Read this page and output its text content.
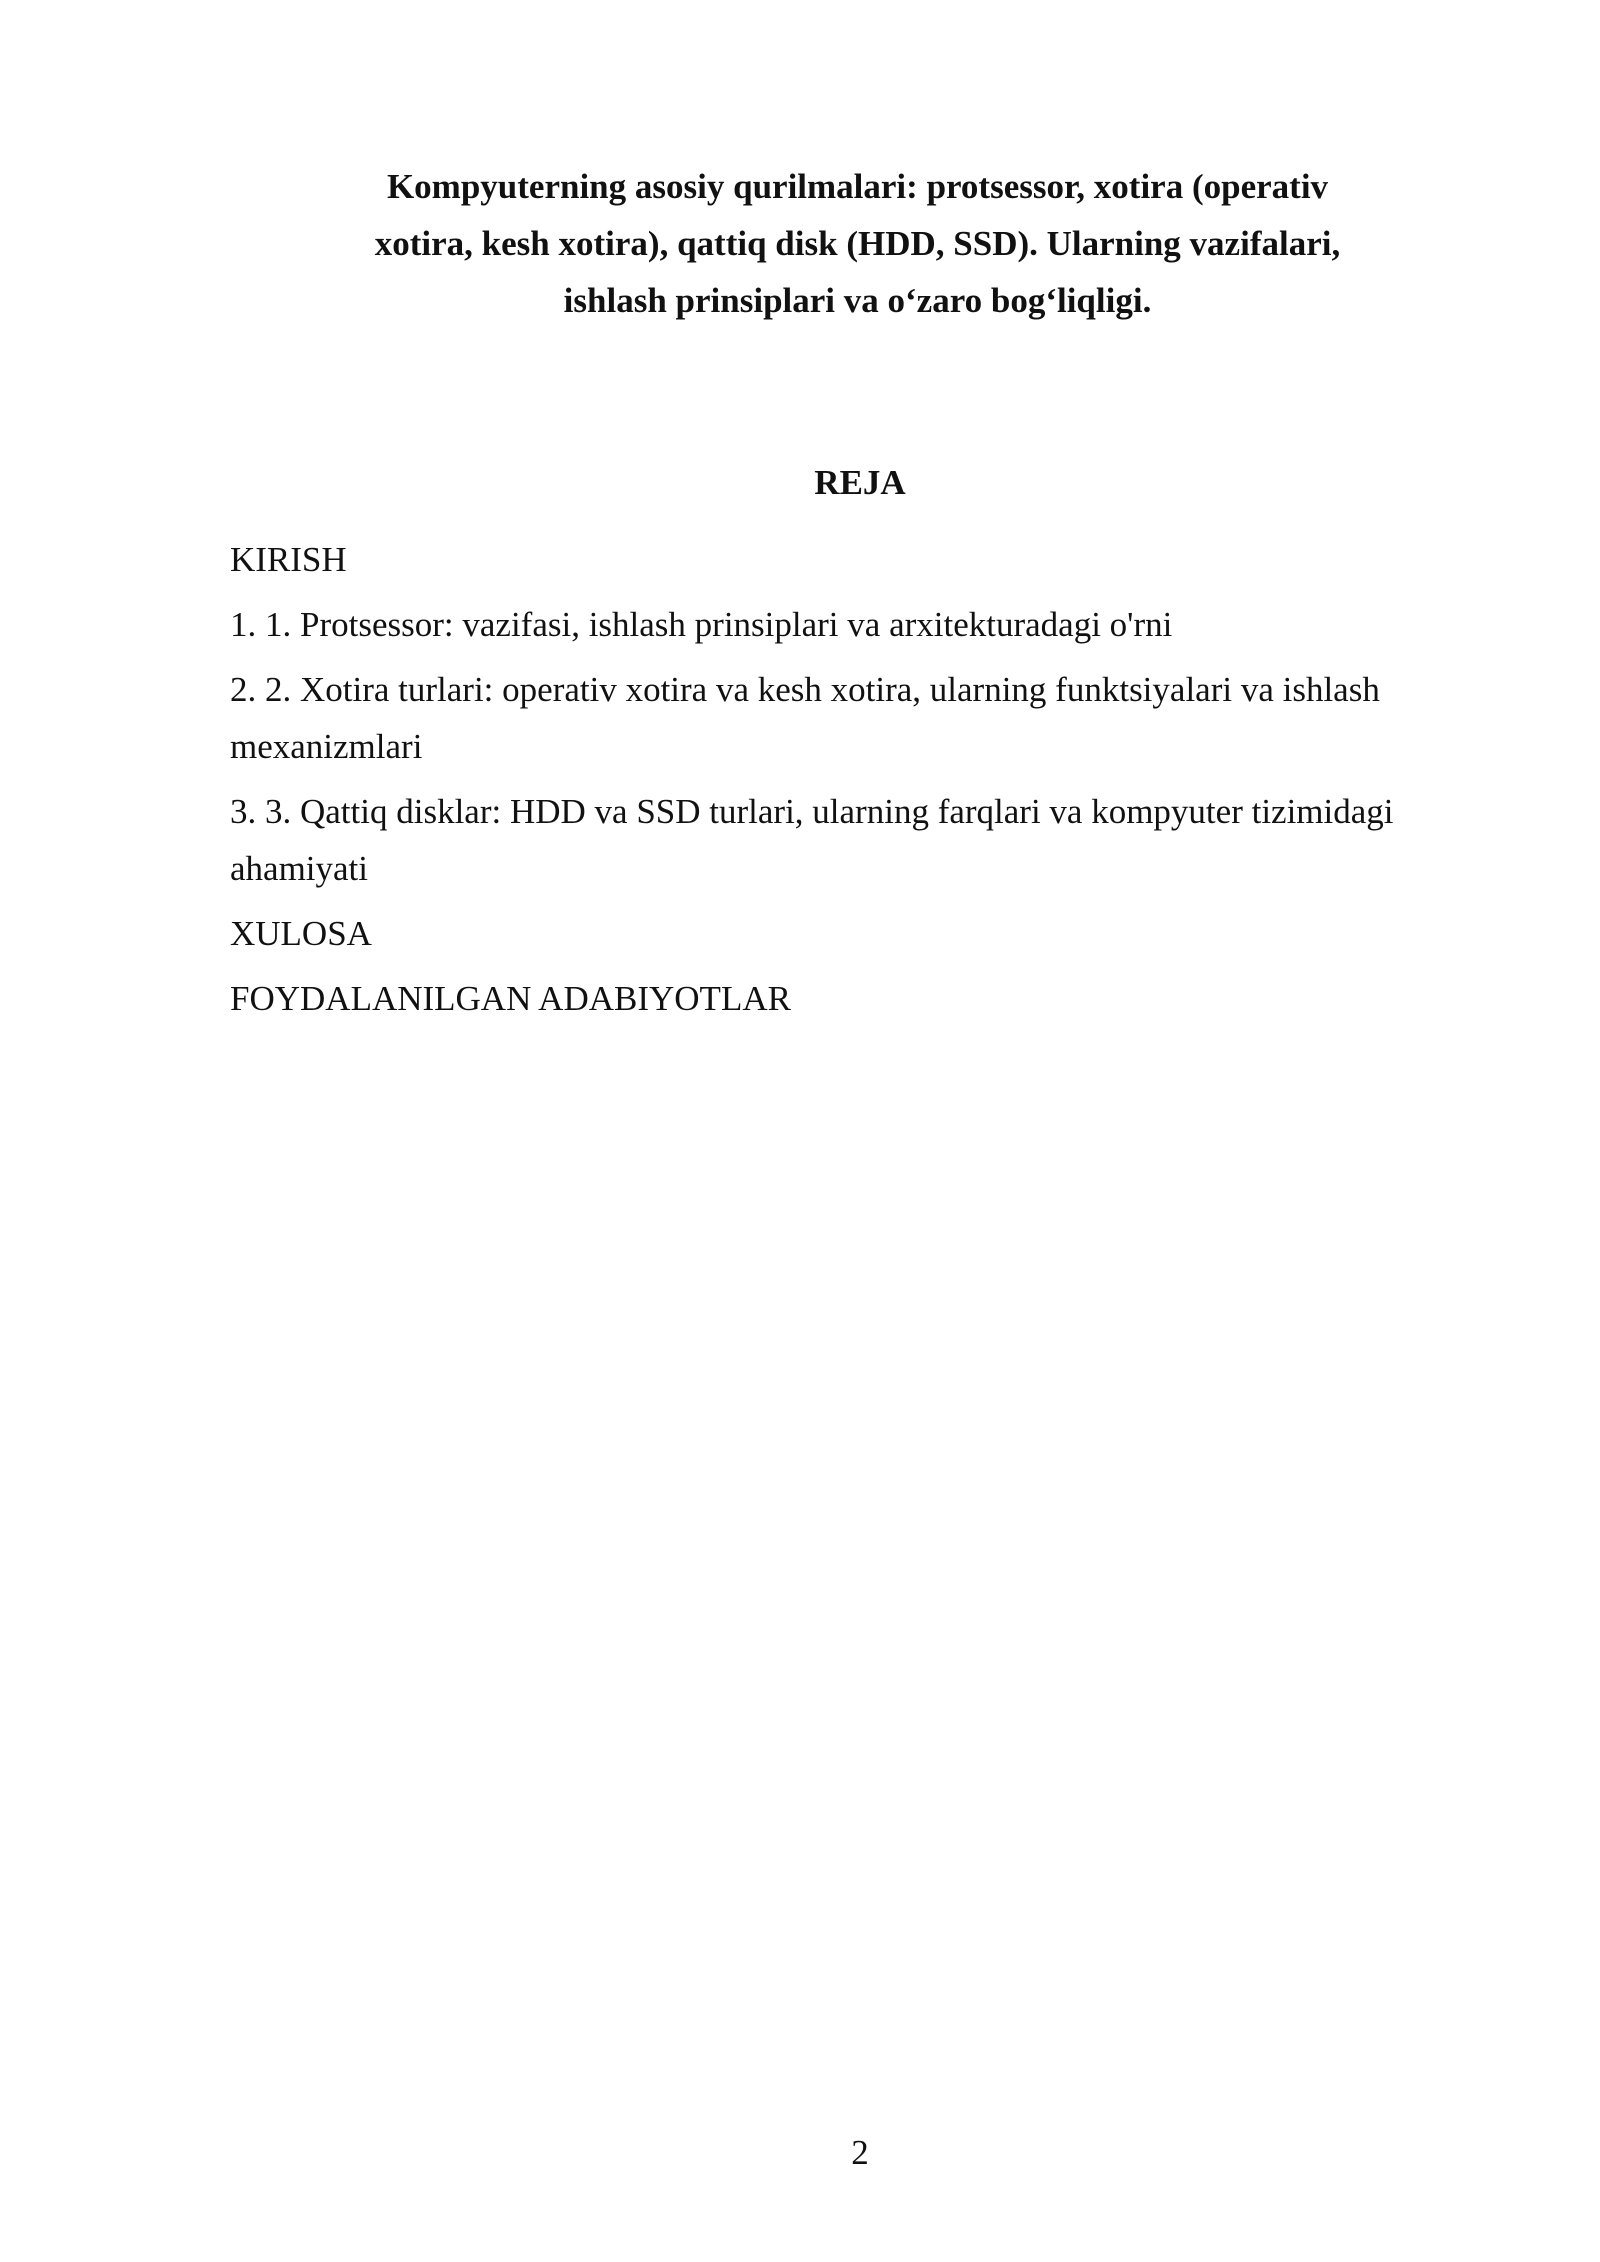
Kompyuterning asosiy qurilmalari: protsessor, xotira (operativ
xotira, kesh xotira), qattiq disk (HDD, SSD). Ularning vazifalari,
ishlash prinsiplari va o‘zaro bog‘liqligi.
REJA
KIRISH
1. 1. Protsessor: vazifasi, ishlash prinsiplari va arxitekturadagi o'rni
2. 2. Xotira turlari: operativ xotira va kesh xotira, ularning funktsiyalari va ishlash mexanizmlari
3. 3. Qattiq disklar: HDD va SSD turlari, ularning farqlari va kompyuter tizimidagi ahamiyati
XULOSA
FOYDALANILGAN ADABIYOTLAR
2
